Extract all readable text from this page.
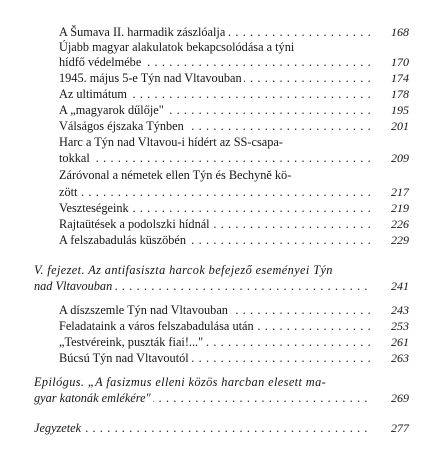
A Šumava II. harmadik zászlóalja . . .	168
Újabb magyar alakulatok bekapcsolódása a týni
hídfő védelmébe . . .	170
1945. május 5-e Týn nad Vltavouban . . .	174
Az ultimátum . . .	178
A „magyarok dűlője" . . .	195
Válságos éjszaka Týnben . . .	201
Harc a Týn nad Vltavou-i hídért az SS-csapa-
tokkal . . .	209
Záróvonal a németek ellen Týn és Bechyně kö-
zött . . .	217
Veszteségeink . . .	219
Rajtaütések a podolszki hídnál . . .	226
A felszabadulás küszöbén . . .	229
V. fejezet. Az antifasiszta harcok befejező eseményei Týn
nad Vltavouban . . .	241
A díszszemle Týn nad Vltavouban . . .	243
Feladataink a város felszabadulása után . . .	253
„Testvéreink, puszták fiai!..." . . .	261
Búcsú Týn nad Vltavoutól . . .	263
Epilógus. „A fasizmus elleni közös harcban elesett ma-
gyar katonák emlékére" . . .	269
Jegyzetek . . .	277
